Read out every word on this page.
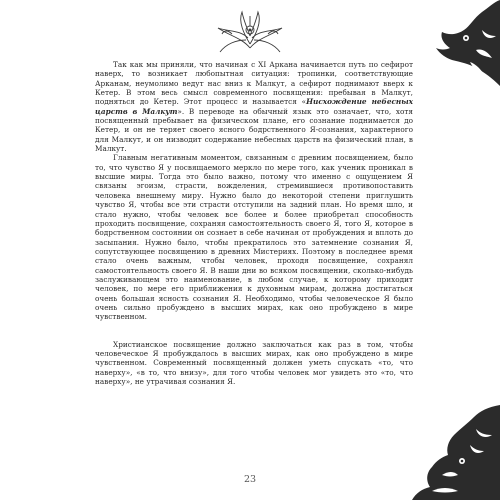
Так как мы приняли, что начиная с XI Аркана начинается путь по сефирот наверх, то возникает любопытная ситуация: тропинки, соответствующие Арканам, неумолимо ведут нас вниз к Малкут, а сефирот поднимают вверх к Кетер. В этом весь смысл современного посвящения: пребывая в Малкут, подняться до Кетер. Этот процесс и называется «Нисхождение небесных царств в Малкут». В переводе на обычный язык это означает, что, хотя посвященный пребывает на физическом плане, его сознание поднимается до Кетер, и он не теряет своего ясного бодрственного Я-сознания, характерного для Малкут, и он низводит содержание небесных царств на физический план, в Малкут.

Главным негативным моментом, связанным с древним посвящением, было то, что чувство Я у посвящаемого меркло по мере того, как ученик проникал в высшие миры. Тогда это было важно, потому что именно с ощущением Я связаны эгоизм, страсти, вожделения, стремившиеся противопоставить человека внешнему миру. Нужно было до некоторой степени приглушить чувство Я, чтобы все эти страсти отступили на задний план. Но время шло, и стало нужно, чтобы человек все более и более приобретал способность проходить посвящение, сохраняя самостоятельность своего Я, того Я, которое в бодрственном состоянии он сознает в себе начиная от пробуждения и вплоть до засыпания. Нужно было, чтобы прекратилось это затемнение сознания Я, сопутствующее посвящению в древних Мистериях. Поэтому в последнее время стало очень важным, чтобы человек, проходя посвящение, сохранял самостоятельность своего Я. В наши дни во всяком посвящении, сколько-нибудь заслуживающем это наименование, в любом случае, к которому приходит человек, по мере его приближения к духовным мирам, должна достигаться очень большая ясность сознания Я. Необходимо, чтобы человеческое Я было очень сильно пробуждено в высших мирах, как оно пробуждено в мире чувственном.

Христианское посвящение должно заключаться как раз в том, чтобы человеческое Я пробуждалось в высших мирах, как оно пробуждено в мире чувственном. Современный посвященный должен уметь спускать «то, что наверху», «в то, что внизу», для того чтобы человек мог увидеть это «то, что наверху», не утрачивая сознания Я.

23
